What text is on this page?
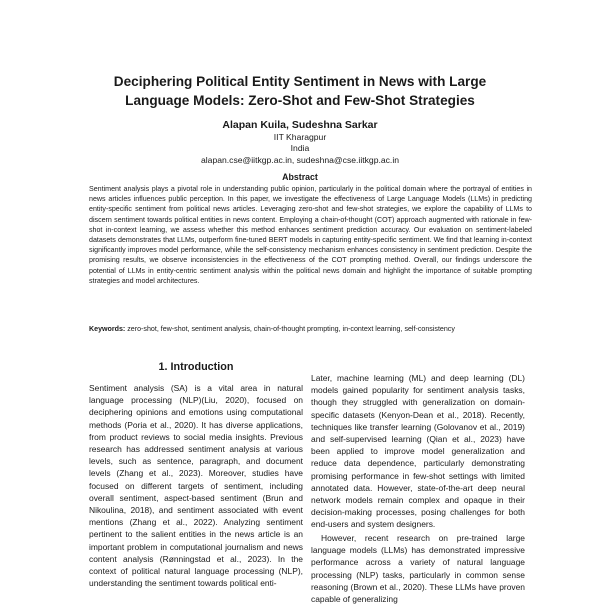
Deciphering Political Entity Sentiment in News with Large
Language Models: Zero-Shot and Few-Shot Strategies
Alapan Kuila, Sudeshna Sarkar
IIT Kharagpur
India
alapan.cse@iitkgp.ac.in, sudeshna@cse.iitkgp.ac.in
Abstract

Sentiment analysis plays a pivotal role in understanding public opinion, particularly in the political domain where the portrayal of entities in news articles influences public perception. In this paper, we investigate the effectiveness of Large Language Models (LLMs) in predicting entity-specific sentiment from political news articles. Leveraging zero-shot and few-shot strategies, we explore the capability of LLMs to discern sentiment towards political entities in news content. Employing a chain-of-thought (COT) approach augmented with rationale in few-shot in-context learning, we assess whether this method enhances sentiment prediction accuracy. Our evaluation on sentiment-labeled datasets demonstrates that LLMs, outperform fine-tuned BERT models in capturing entity-specific sentiment. We find that learning in-context significantly improves model performance, while the self-consistency mechanism enhances consistency in sentiment prediction. Despite the promising results, we observe inconsistencies in the effectiveness of the COT prompting method. Overall, our findings underscore the potential of LLMs in entity-centric sentiment analysis within the political news domain and highlight the importance of suitable prompting strategies and model architectures.

Keywords: zero-shot, few-shot, sentiment analysis, chain-of-thought prompting, in-context learning, self-consistency

1. Introduction

Sentiment analysis (SA) is a vital area in natural language processing (NLP)(Liu, 2020), focused on deciphering opinions and emotions using computational methods (Poria et al., 2020). It has diverse applications, from product reviews to social media insights. Previous research has addressed sentiment analysis at various levels, such as sentence, paragraph, and document levels (Zhang et al., 2023). Moreover, studies have focused on different targets of sentiment, including overall sentiment, aspect-based sentiment (Brun and Nikoulina, 2018), and sentiment associated with event mentions (Zhang et al., 2022). Analyzing sentiment pertinent to the salient entities in the news article is an important problem in computational journalism and news content analysis (Rønningstad et al., 2023). In the context of political natural language processing (NLP), understanding the sentiment towards political enti-

Later, machine learning (ML) and deep learning (DL) models gained popularity for sentiment analysis tasks, though they struggled with generalization on domain-specific datasets (Kenyon-Dean et al., 2018). Recently, techniques like transfer learning (Golovanov et al., 2019) and self-supervised learning (Qian et al., 2023) have been applied to improve model generalization and reduce data dependence, particularly demonstrating promising performance in few-shot settings with limited annotated data. However, state-of-the-art deep neural network models remain complex and opaque in their decision-making processes, posing challenges for both end-users and system designers.

However, recent research on pre-trained large language models (LLMs) has demonstrated impressive performance across a variety of natural language processing (NLP) tasks, particularly in common sense reasoning (Brown et al., 2020). These LLMs have proven capable of generalizing
